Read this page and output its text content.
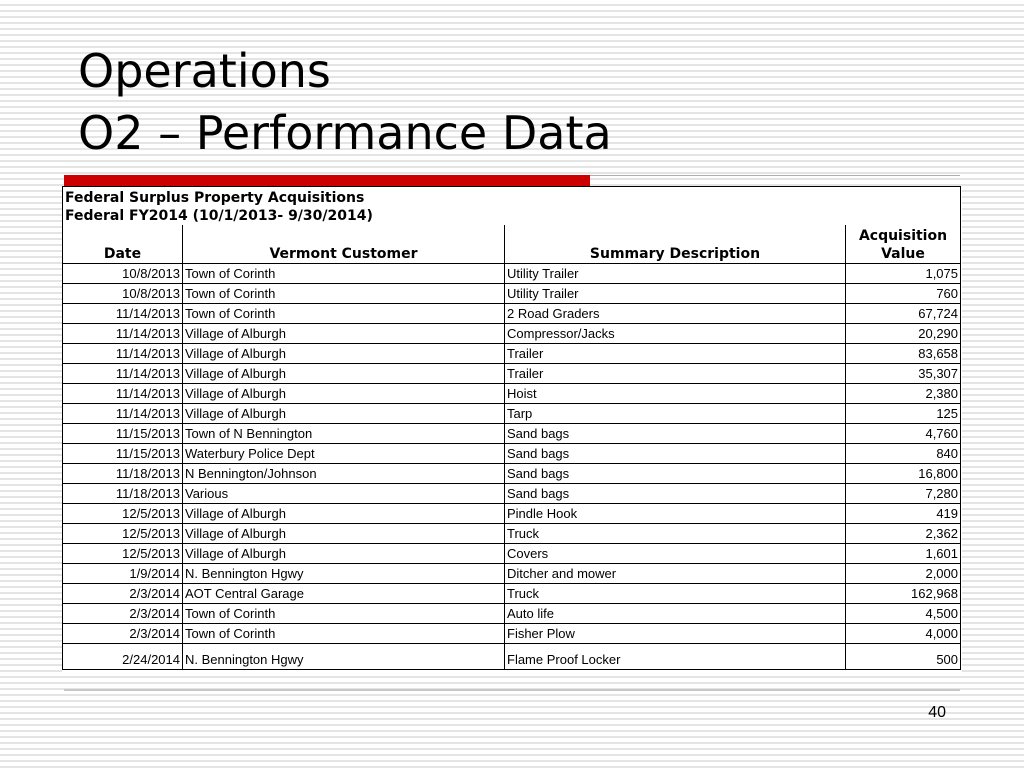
Operations
O2 – Performance Data
Federal Surplus Property Acquisitions
Federal FY2014 (10/1/2013- 9/30/2014)			

Date	Vermont Customer	Summary Description	Acquisition
Value

10/8/2013	Town of Corinth	Utility Trailer	1,075
10/8/2013	Town of Corinth	Utility Trailer	760
11/14/2013	Town of Corinth	2 Road Graders	67,724
11/14/2013	Village of Alburgh	Compressor/Jacks	20,290
11/14/2013	Village of Alburgh	Trailer	83,658
11/14/2013	Village of Alburgh	Trailer	35,307
11/14/2013	Village of Alburgh	Hoist	2,380
11/14/2013	Village of Alburgh	Tarp	125
11/15/2013	Town of N Bennington	Sand bags	4,760
11/15/2013	Waterbury Police Dept	Sand bags	840
11/18/2013	N Bennington/Johnson	Sand bags	16,800
11/18/2013	Various	Sand bags	7,280
12/5/2013	Village of Alburgh	Pindle Hook	419
12/5/2013	Village of Alburgh	Truck	2,362
12/5/2013	Village of Alburgh	Covers	1,601
1/9/2014	N. Bennington Hgwy	Ditcher and mower	2,000
2/3/2014	AOT Central Garage	Truck	162,968
2/3/2014	Town of Corinth	Auto life	4,500
2/3/2014	Town of Corinth	Fisher Plow	4,000
2/24/2014	N. Bennington Hgwy	Flame Proof Locker	500
40
